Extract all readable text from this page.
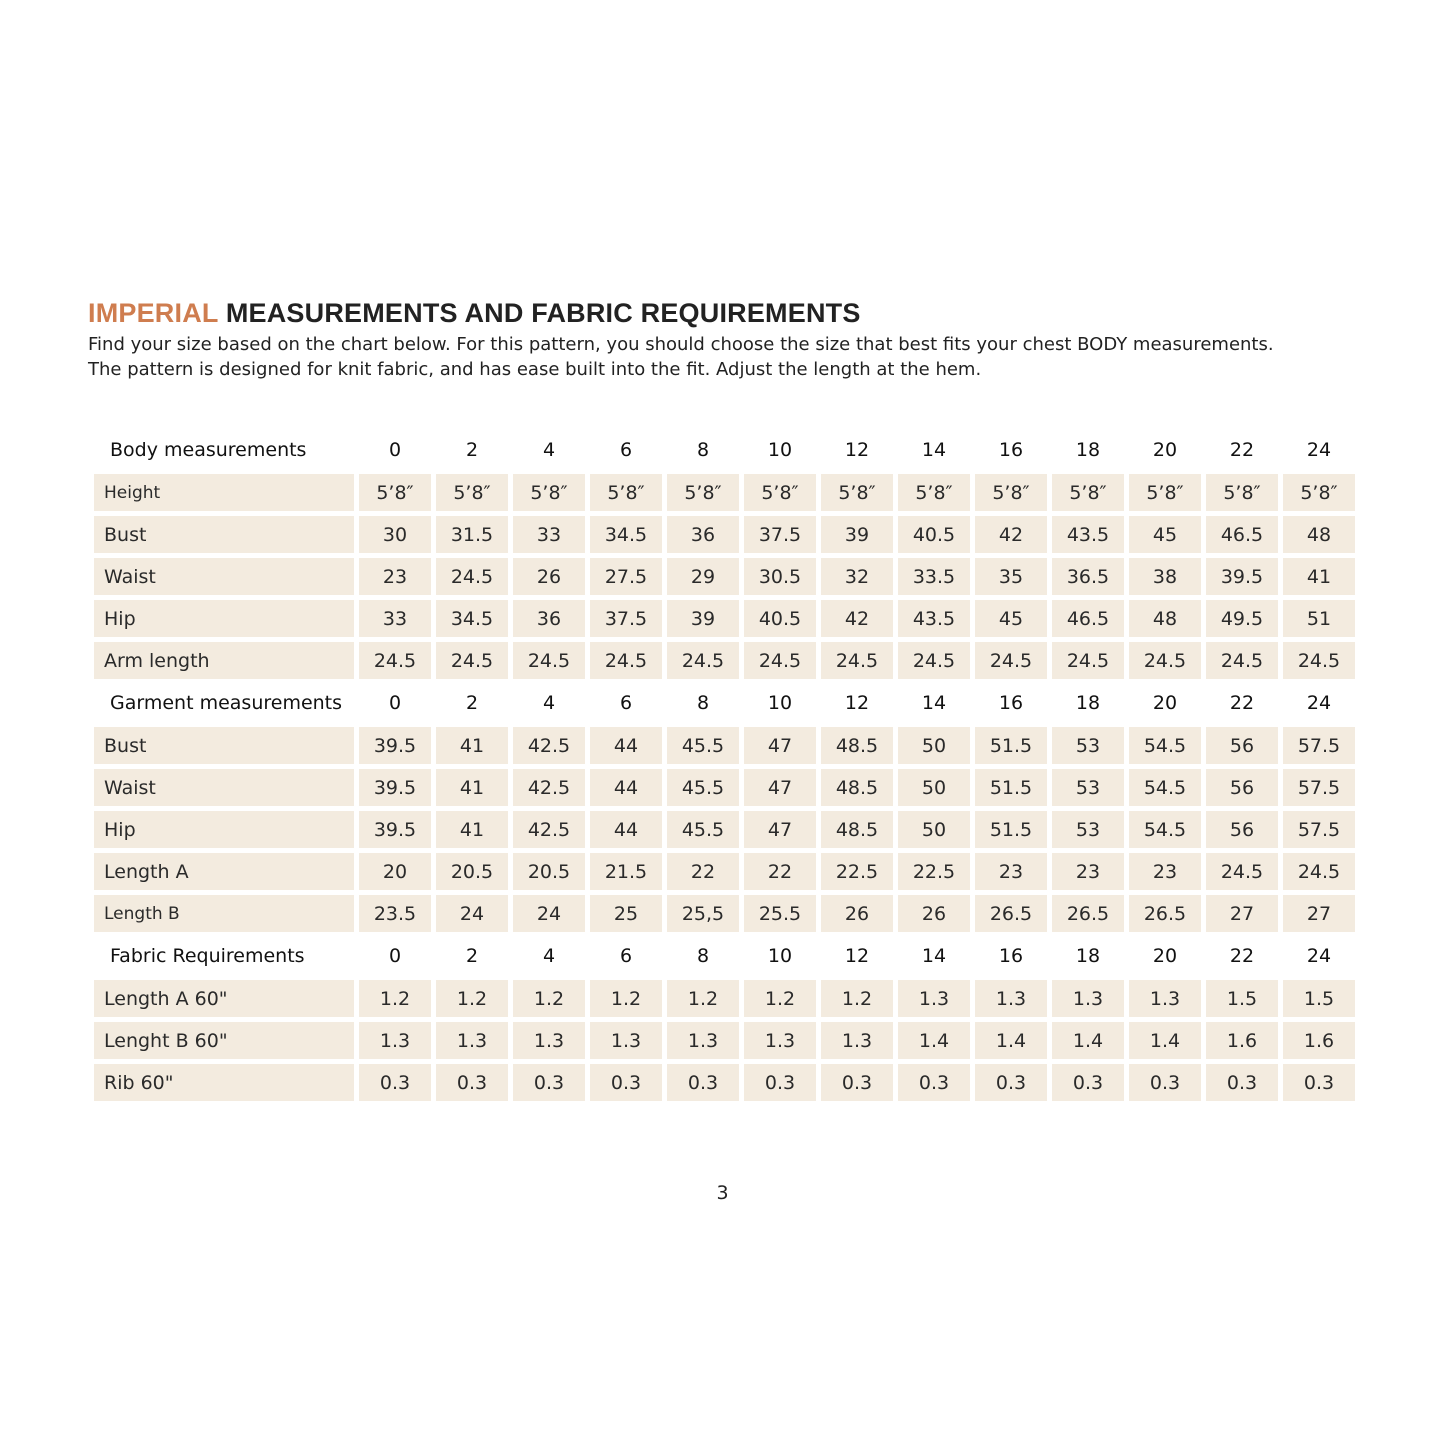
IMPERIAL MEASUREMENTS AND FABRIC REQUIREMENTS

Find your size based on the chart below. For this pattern, you should choose the size that best fits your chest BODY measurements.
The pattern is designed for knit fabric, and has ease built into the fit. Adjust the length at the hem.

Body measurements	0	2	4	6	8	10	12	14	16	18	20	22	24
Height	5’8″	5’8″	5’8″	5’8″	5’8″	5’8″	5’8″	5’8″	5’8″	5’8″	5’8″	5’8″	5’8″
Bust	30	31.5	33	34.5	36	37.5	39	40.5	42	43.5	45	46.5	48
Waist	23	24.5	26	27.5	29	30.5	32	33.5	35	36.5	38	39.5	41
Hip	33	34.5	36	37.5	39	40.5	42	43.5	45	46.5	48	49.5	51
Arm length	24.5	24.5	24.5	24.5	24.5	24.5	24.5	24.5	24.5	24.5	24.5	24.5	24.5
Garment measurements	0	2	4	6	8	10	12	14	16	18	20	22	24
Bust	39.5	41	42.5	44	45.5	47	48.5	50	51.5	53	54.5	56	57.5
Waist	39.5	41	42.5	44	45.5	47	48.5	50	51.5	53	54.5	56	57.5
Hip	39.5	41	42.5	44	45.5	47	48.5	50	51.5	53	54.5	56	57.5
Length A	20	20.5	20.5	21.5	22	22	22.5	22.5	23	23	23	24.5	24.5
Length B	23.5	24	24	25	25,5	25.5	26	26	26.5	26.5	26.5	27	27
Fabric Requirements	0	2	4	6	8	10	12	14	16	18	20	22	24
Length A 60"	1.2	1.2	1.2	1.2	1.2	1.2	1.2	1.3	1.3	1.3	1.3	1.5	1.5
Lenght B 60"	1.3	1.3	1.3	1.3	1.3	1.3	1.3	1.4	1.4	1.4	1.4	1.6	1.6
Rib 60"	0.3	0.3	0.3	0.3	0.3	0.3	0.3	0.3	0.3	0.3	0.3	0.3	0.3
3
